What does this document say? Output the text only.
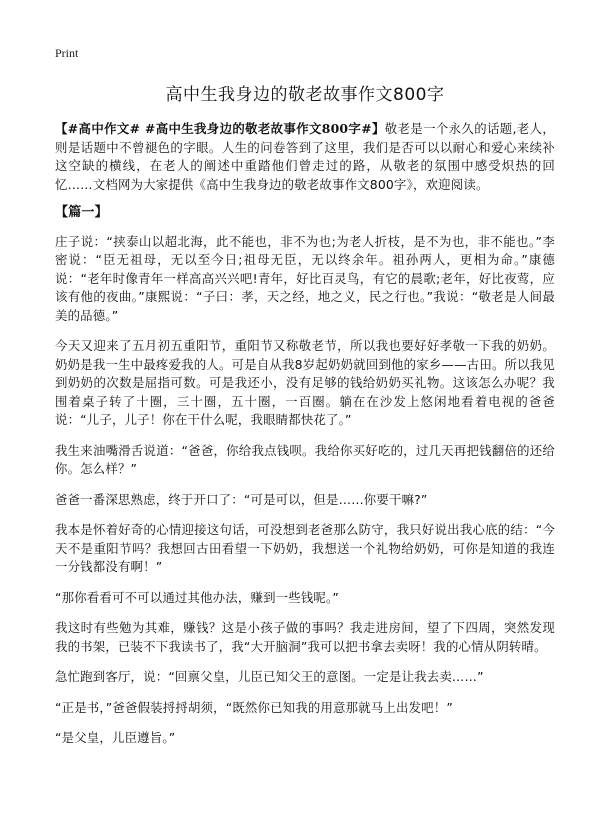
Print
高中生我身边的敬老故事作文800字

【#高中作文# #高中生我身边的敬老故事作文800字#】敬老是一个永久的话题,老人，则是话题中不曾褪色的字眼。人生的问卷答到了这里，我们是否可以以耐心和爱心来续补这空缺的横线，在老人的阐述中重踏他们曾走过的路，从敬老的氛围中感受炽热的回忆……文档网为大家提供《高中生我身边的敬老故事作文800字》，欢迎阅读。

【篇一】

庄子说：“挟泰山以超北海，此不能也，非不为也;为老人折枝，是不为也，非不能也。”李密说：“臣无祖母，无以至今日;祖母无臣，无以终余年。祖孙两人，更相为命。”康德说：“老年时像青年一样高高兴兴吧!青年，好比百灵鸟，有它的晨歌;老年，好比夜莺，应该有他的夜曲。”康熙说：“子曰：孝，天之经，地之义，民之行也。”我说：“敬老是人间最美的品德。”

今天又迎来了五月初五重阳节，重阳节又称敬老节，所以我也要好好孝敬一下我的奶奶。奶奶是我一生中最疼爱我的人。可是自从我8岁起奶奶就回到他的家乡——古田。所以我见到奶奶的次数是屈指可数。可是我还小，没有足够的钱给奶奶买礼物。这该怎么办呢？我围着桌子转了十圈，三十圈，五十圈，一百圈。躺在在沙发上悠闲地看着电视的爸爸说：“儿子，儿子！你在干什么呢，我眼睛都快花了。”

我生来油嘴滑舌说道：“爸爸，你给我点钱呗。我给你买好吃的，过几天再把钱翻倍的还给你。怎么样？”

爸爸一番深思熟虑，终于开口了：“可是可以，但是……你要干嘛?”

我本是怀着好奇的心情迎接这句话，可没想到老爸那么防守，我只好说出我心底的结：“今天不是重阳节吗？我想回古田看望一下奶奶，我想送一个礼物给奶奶，可你是知道的我连一分钱都没有啊！”

“那你看看可不可以通过其他办法，赚到一些钱呢。”

我这时有些勉为其难，赚钱？这是小孩子做的事吗？我走进房间，望了下四周，突然发现我的书架，已装不下我读书了，我“大开脑洞”我可以把书拿去卖呀！我的心情从阴转晴。

急忙跑到客厅，说：“回禀父皇，儿臣已知父王的意图。一定是让我去卖……”

“正是书，”爸爸假装捋捋胡须，“既然你已知我的用意那就马上出发吧！”

“是父皇，儿臣遵旨。”
